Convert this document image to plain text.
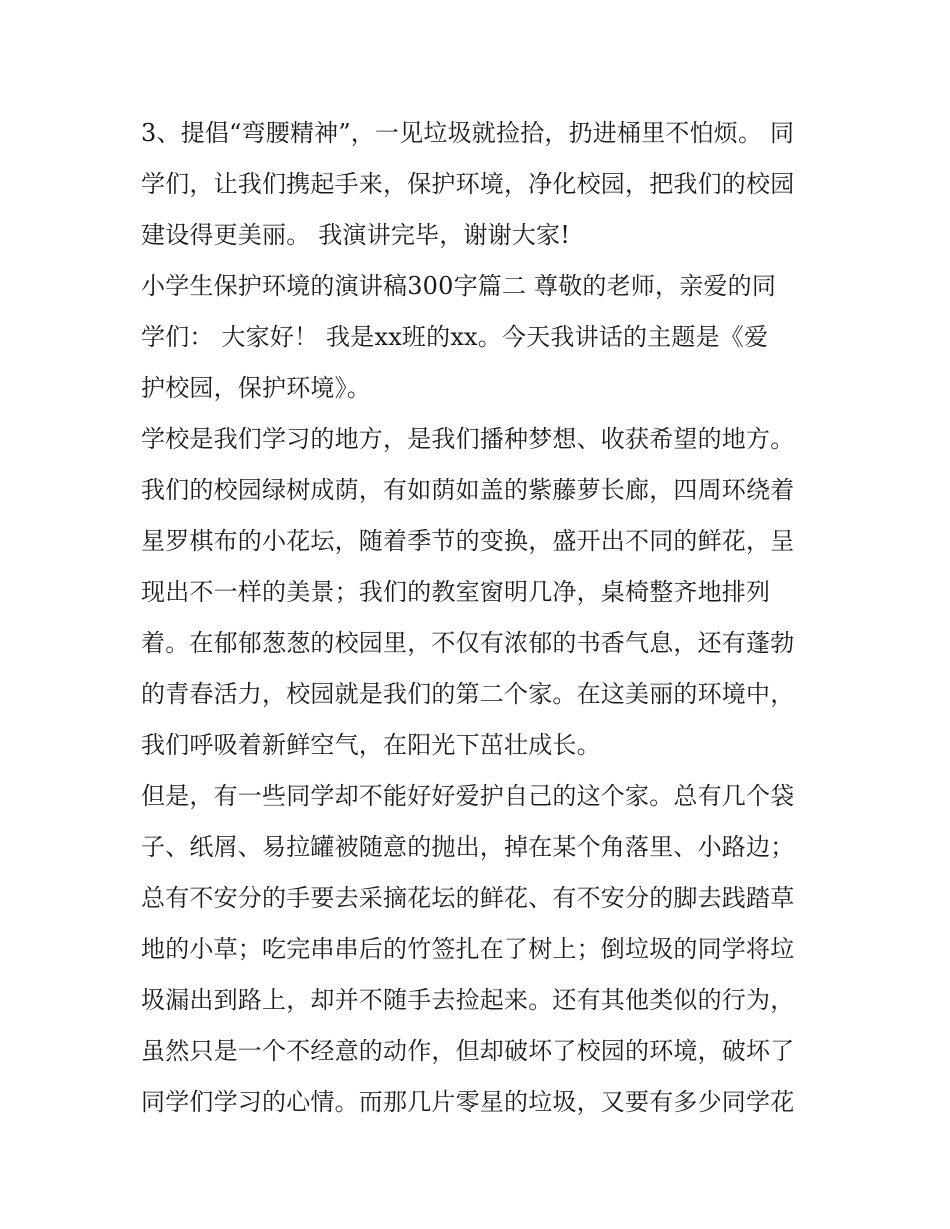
3、提倡“弯腰精神”，一见垃圾就捡拾，扔进桶里不怕烦。 同
学们，让我们携起手来，保护环境，净化校园，把我们的校园
建设得更美丽。 我演讲完毕，谢谢大家!
小学生保护环境的演讲稿300字篇二 尊敬的老师，亲爱的同
学们： 大家好！ 我是xx班的xx。今天我讲话的主题是《爱
护校园，保护环境》。
学校是我们学习的地方，是我们播种梦想、收获希望的地方。
我们的校园绿树成荫，有如荫如盖的紫藤萝长廊，四周环绕着
星罗棋布的小花坛，随着季节的变换，盛开出不同的鲜花，呈
现出不一样的美景；我们的教室窗明几净，桌椅整齐地排列
着。在郁郁葱葱的校园里，不仅有浓郁的书香气息，还有蓬勃
的青春活力，校园就是我们的第二个家。在这美丽的环境中，
我们呼吸着新鲜空气，在阳光下茁壮成长。
但是，有一些同学却不能好好爱护自己的这个家。总有几个袋
子、纸屑、易拉罐被随意的抛出，掉在某个角落里、小路边；
总有不安分的手要去采摘花坛的鲜花、有不安分的脚去践踏草
地的小草；吃完串串后的竹签扎在了树上；倒垃圾的同学将垃
圾漏出到路上，却并不随手去捡起来。还有其他类似的行为，
虽然只是一个不经意的动作，但却破坏了校园的环境，破坏了
同学们学习的心情。而那几片零星的垃圾，又要有多少同学花
